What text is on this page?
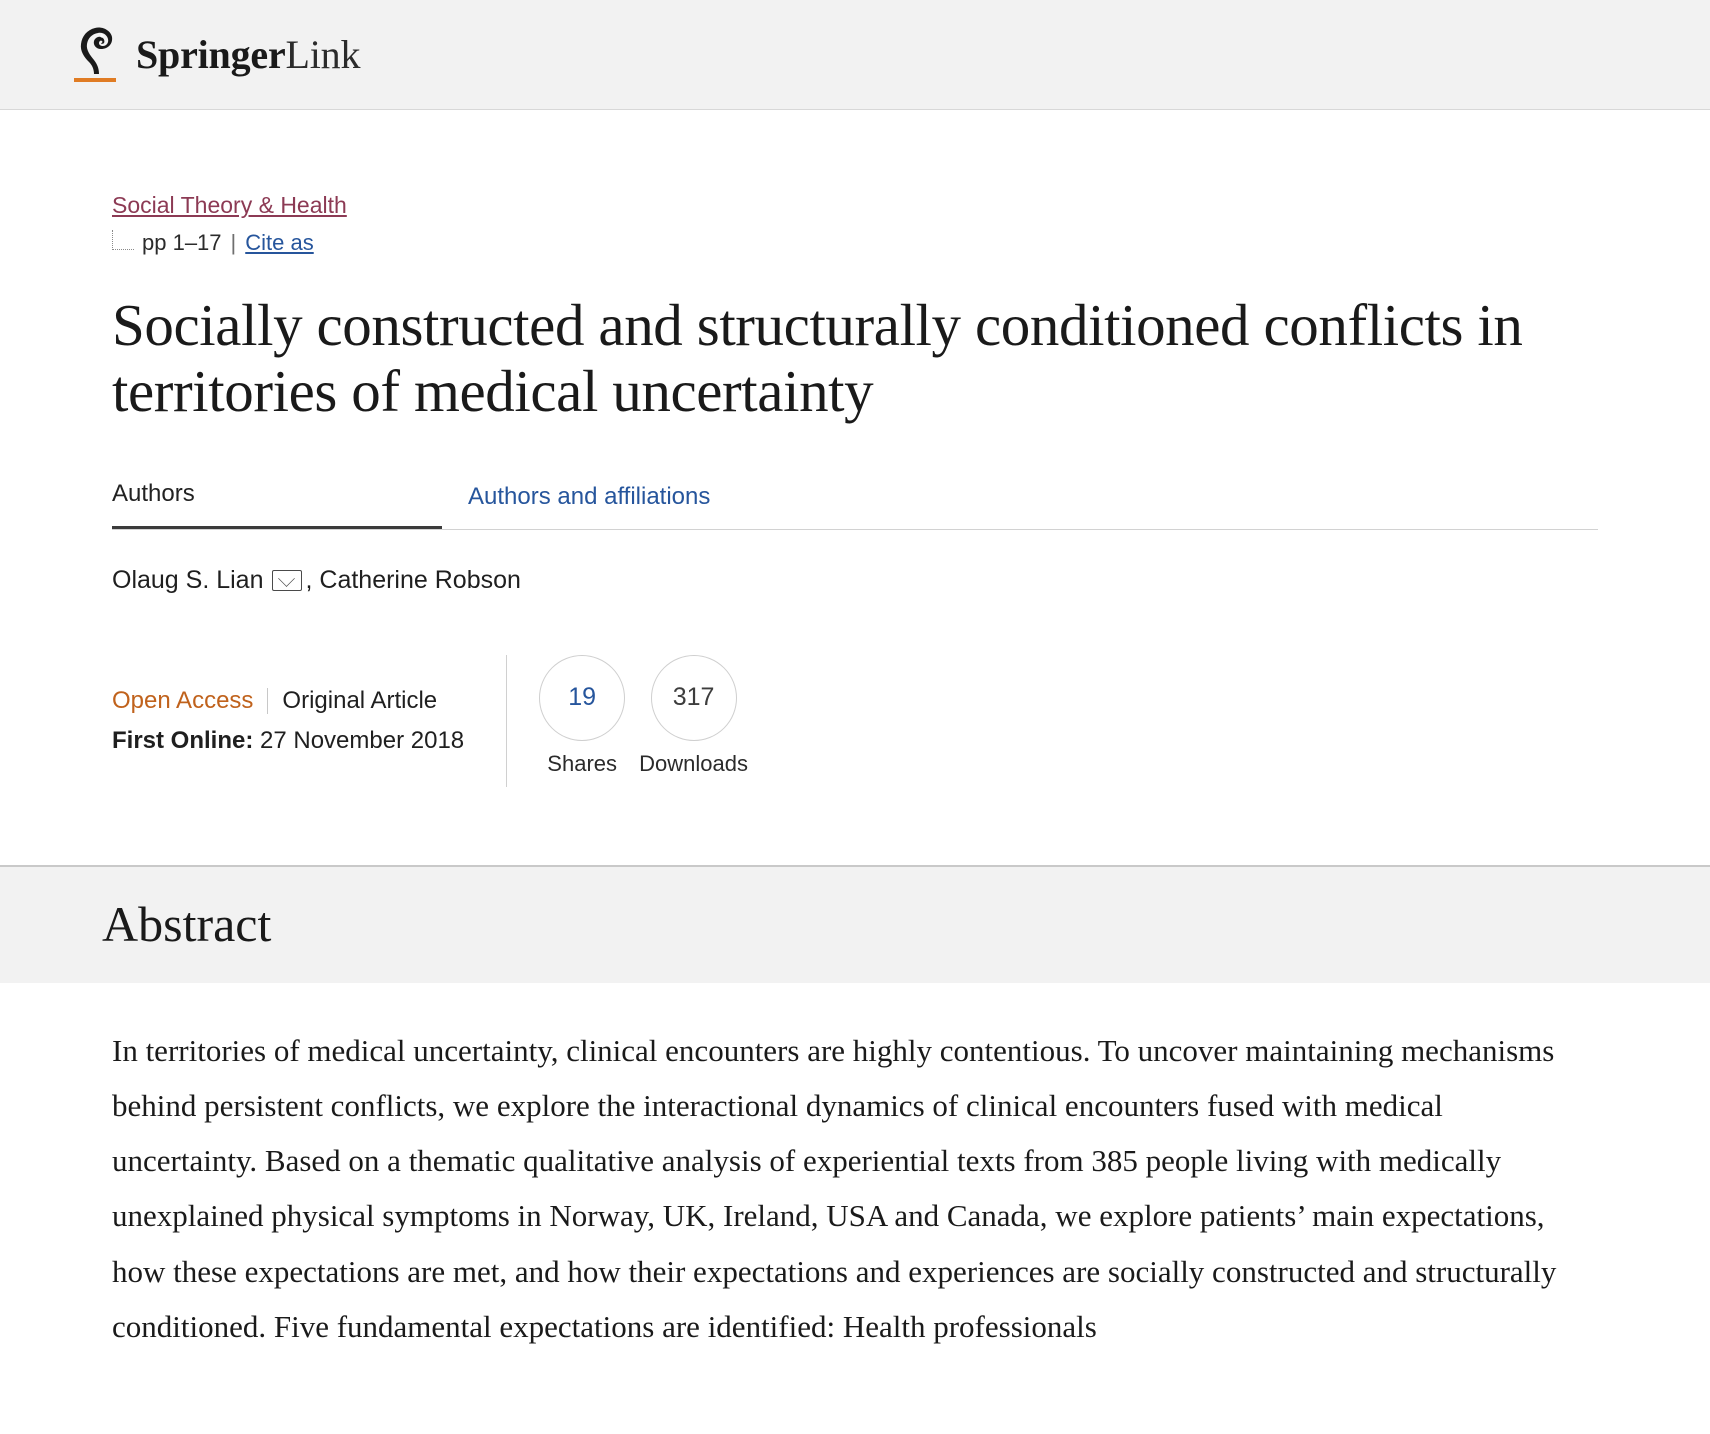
SpringerLink
Social Theory & Health
pp 1–17 | Cite as
Socially constructed and structurally conditioned conflicts in territories of medical uncertainty
Authors	Authors and affiliations
Olaug S. Lian , Catherine Robson
Open Access Original Article
First Online: 27 November 2018
19
Shares
317
Downloads
Abstract

In territories of medical uncertainty, clinical encounters are highly contentious. To uncover maintaining mechanisms behind persistent conflicts, we explore the interactional dynamics of clinical encounters fused with medical uncertainty. Based on a thematic qualitative analysis of experiential texts from 385 people living with medically unexplained physical symptoms in Norway, UK, Ireland, USA and Canada, we explore patients’ main expectations, how these expectations are met, and how their expectations and experiences are socially constructed and structurally conditioned. Five fundamental expectations are identified: Health professionals
